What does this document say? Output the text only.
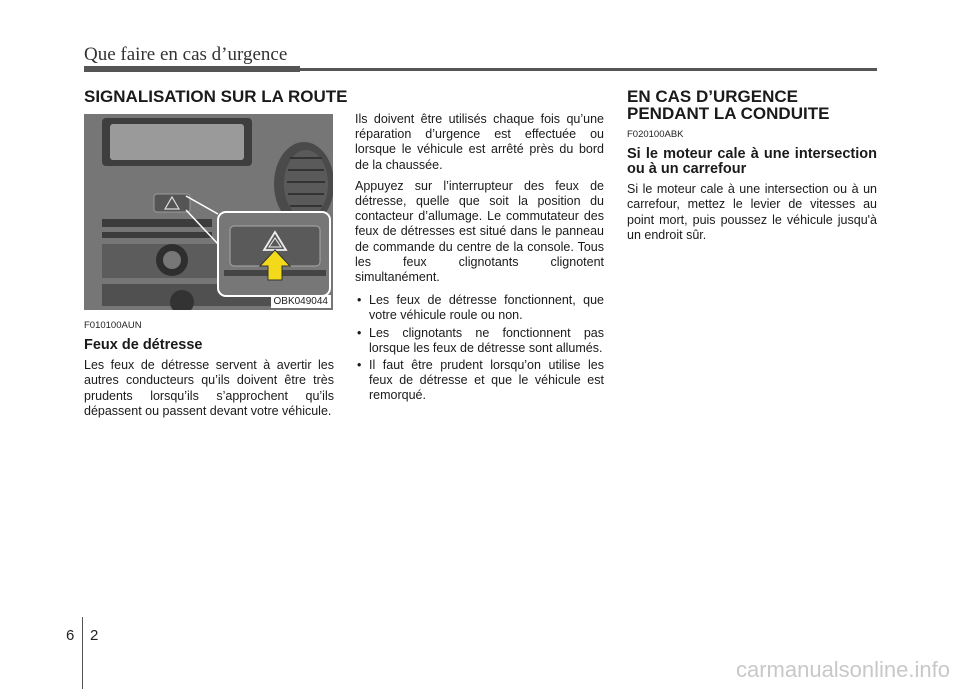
Que faire en cas d’urgence
SIGNALISATION SUR LA ROUTE	EN CAS D’URGENCE
PENDANT LA CONDUITE
OBK049044
F010100AUN
Feux de détresse

Les feux de détresse servent à avertir les autres conducteurs qu’ils doivent être très prudents lorsqu’ils s’approchent qu’ils dépassent ou passent devant votre véhicule.

Ils doivent être utilisés chaque fois qu’une réparation d’urgence est effectuée ou lorsque le véhicule est arrêté près du bord de la chaussée.

Appuyez sur l’interrupteur des feux de détresse, quelle que soit la position du contacteur d’allumage. Le commutateur des feux de détresses est situé dans le panneau de commande du centre de la console. Tous les feux clignotants clignotent simultanément.

• Les feux de détresse fonctionnent, que votre véhicule roule ou non.
• Les clignotants ne fonctionnent pas lorsque les feux de détresse sont allumés.
• Il faut être prudent lorsqu’on utilise les feux de détresse et que le véhicule est remorqué.
F020100ABK
Si le moteur cale à une intersection ou à un carrefour

Si le moteur cale à une intersection ou à un carrefour, mettez le levier de vitesses au point mort, puis poussez le véhicule jusqu'à un endroit sûr.

6 2
carmanualsonline.info
